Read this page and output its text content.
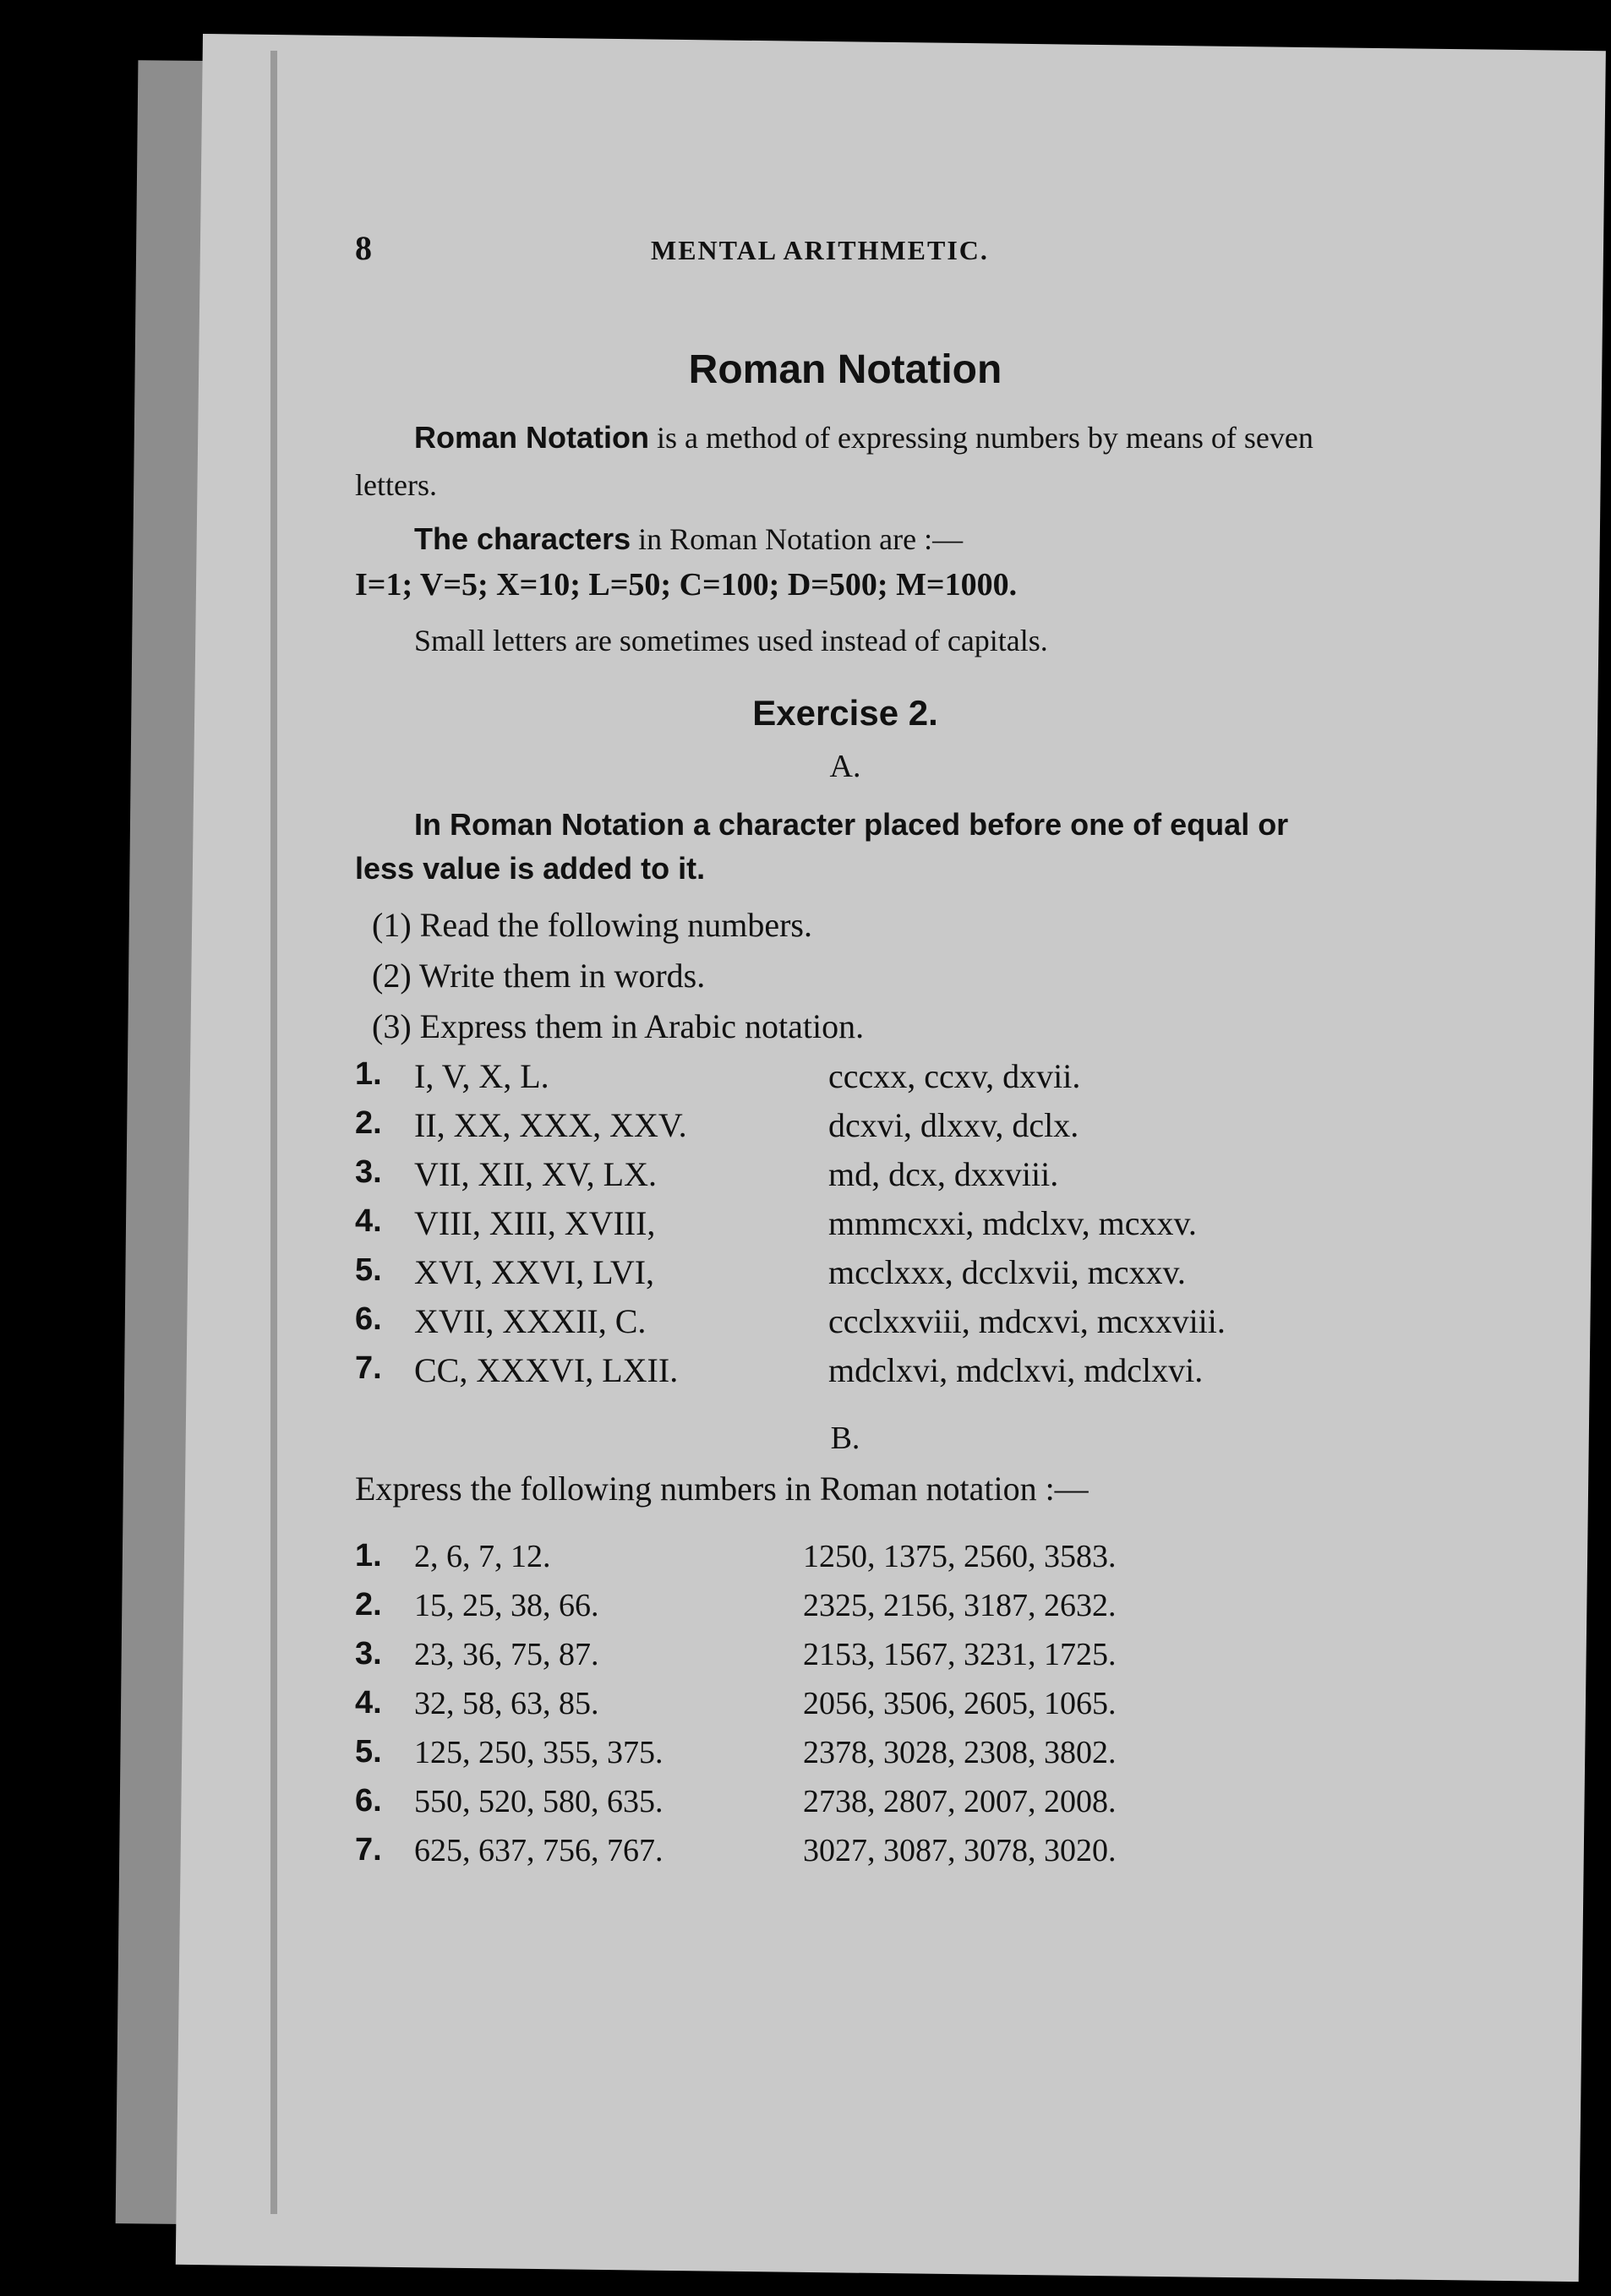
8	MENTAL ARITHMETIC.
Roman Notation
Roman Notation is a method of expressing numbers by means of seven letters.
The characters in Roman Notation are :—
I=1; V=5; X=10; L=50; C=100; D=500; M=1000.
Small letters are sometimes used instead of capitals.
Exercise 2.
A.
In Roman Notation a character placed before one of equal or less value is added to it.
(1) Read the following numbers.
(2) Write them in words.
(3) Express them in Arabic notation.
1. I, V, X, L.	cccxx, ccxv, dxvii.
2. II, XX, XXX, XXV.	dcxvi, dlxxv, dclx.
3. VII, XII, XV, LX.	md, dcx, dxxviii.
4. VIII, XIII, XVIII,	mmmcxxi, mdclxv, mcxxv.
5. XVI, XXVI, LVI,	mcclxxx, dcclxvii, mcxxv.
6. XVII, XXXII, C.	ccclxxviii, mdcxvi, mcxxviii.
7. CC, XXXVI, LXII.	mdclxvi, mdclxvi, mdclxvi.
B.
Express the following numbers in Roman notation :—
1.	2, 6, 7, 12.	1250, 1375, 2560, 3583.
2.	15, 25, 38, 66.	2325, 2156, 3187, 2632.
3.	23, 36, 75, 87.	2153, 1567, 3231, 1725.
4.	32, 58, 63, 85.	2056, 3506, 2605, 1065.
5.	125, 250, 355, 375.	2378, 3028, 2308, 3802.
6.	550, 520, 580, 635.	2738, 2807, 2007, 2008.
7.	625, 637, 756, 767.	3027, 3087, 3078, 3020.
